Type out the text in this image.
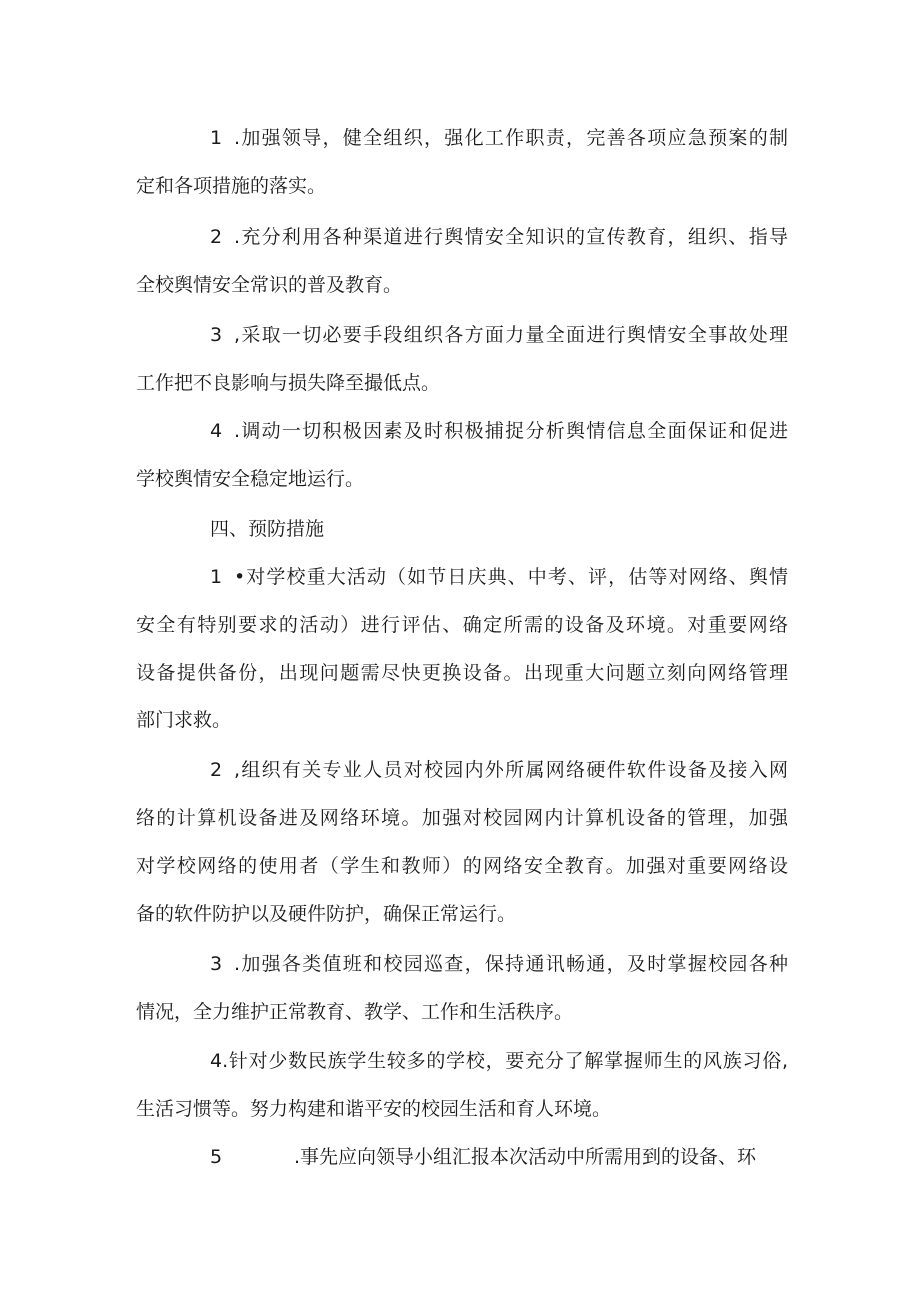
1 .加强领导，健全组织，强化工作职责，完善各项应急预案的制
定和各项措施的落实。
2 .充分利用各种渠道进行舆情安全知识的宣传教育，组织、指导
全校舆情安全常识的普及教育。
3 ,采取一切必要手段组织各方面力量全面进行舆情安全事故处理
工作把不良影响与损失降至撮低点。
4 .调动一切积极因素及时积极捕捉分析舆情信息全面保证和促进
学校舆情安全稳定地运行。
四、预防措施
1 •对学校重大活动（如节日庆典、中考、评，估等对网络、舆情
安全有特别要求的活动）进行评估、确定所需的设备及环境。对重要网络
设备提供备份，出现问题需尽快更换设备。出现重大问题立刻向网络管理
部门求救。
2 ,组织有关专业人员对校园内外所属网络硬件软件设备及接入网
络的计算机设备进及网络环境。加强对校园网内计算机设备的管理，加强
对学校网络的使用者（学生和教师）的网络安全教育。加强对重要网络设
备的软件防护以及硬件防护，确保正常运行。
3 .加强各类值班和校园巡查，保持通讯畅通，及时掌握校园各种
情况，全力维护正常教育、教学、工作和生活秩序。
4.针对少数民族学生较多的学校，要充分了解掌握师生的风族习俗,
生活习惯等。努力构建和谐平安的校园生活和育人环境。
5	.事先应向领导小组汇报本次活动中所需用到的设备、环
